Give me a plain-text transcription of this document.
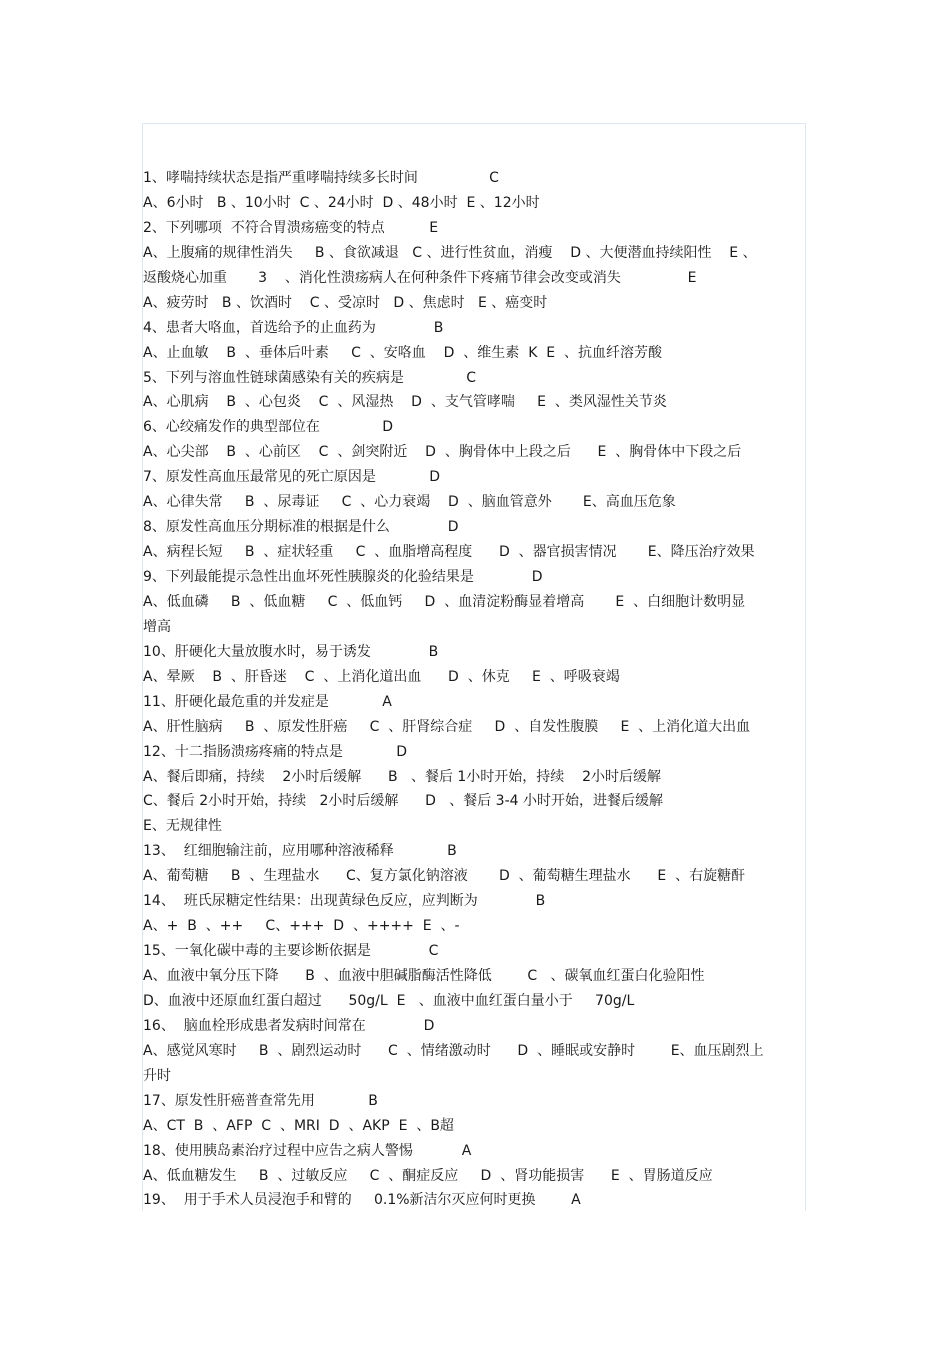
1、哮喘持续状态是指严重哮喘持续多长时间                C
A、6小时   B 、10小时  C 、24小时  D 、48小时  E 、12小时
2、下列哪项  不符合胃溃疡癌变的特点          E
A、上腹痛的规律性消失     B 、食欲减退   C 、进行性贫血，消瘦    D 、大便潜血持续阳性    E 、
返酸烧心加重       3    、消化性溃疡病人在何种条件下疼痛节律会改变或消失               E
A、疲劳时   B 、饮酒时    C 、受凉时   D 、焦虑时   E 、癌变时
4、患者大咯血，首选给予的止血药为             B
A、止血敏    B  、垂体后叶素     C  、安咯血    D  、维生素  K  E  、抗血纤溶芳酸
5、下列与溶血性链球菌感染有关的疾病是              C
A、心肌病    B  、心包炎    C  、风湿热    D  、支气管哮喘     E  、类风湿性关节炎
6、心绞痛发作的典型部位在              D
A、心尖部    B  、心前区    C  、剑突附近    D  、胸骨体中上段之后      E  、胸骨体中下段之后
7、原发性高血压最常见的死亡原因是            D
A、心律失常     B  、尿毒证     C  、心力衰竭    D  、脑血管意外       E、高血压危象
8、原发性高血压分期标准的根据是什么             D
A、病程长短     B  、症状轻重     C  、血脂增高程度      D  、器官损害情况       E、降压治疗效果
9、下列最能提示急性出血坏死性胰腺炎的化验结果是             D
A、低血磷     B  、低血糖     C  、低血钙     D  、血清淀粉酶显着增高       E  、白细胞计数明显
增高
10、肝硬化大量放腹水时，易于诱发             B
A、晕厥    B  、肝昏迷    C  、上消化道出血      D  、休克     E  、呼吸衰竭
11、肝硬化最危重的并发症是            A
A、肝性脑病     B  、原发性肝癌     C  、肝肾综合症     D  、自发性腹膜     E  、上消化道大出血
12、十二指肠溃疡疼痛的特点是            D
A、餐后即痛，持续    2小时后缓解      B   、餐后 1小时开始，持续    2小时后缓解
C、餐后 2小时开始，持续   2小时后缓解      D   、餐后 3-4 小时开始，进餐后缓解
E、无规律性
13、  红细胞输注前，应用哪种溶液稀释            B
A、葡萄糖     B  、生理盐水      C、复方氯化钠溶液       D  、葡萄糖生理盐水      E  、右旋糖酐
14、  班氏尿糖定性结果：出现黄绿色反应，应判断为             B
A、+  B  、++     C、+++  D  、++++  E  、-
15、一氧化碳中毒的主要诊断依据是             C
A、血液中氧分压下降      B  、血液中胆碱脂酶活性降低        C   、碳氧血红蛋白化验阳性
D、血液中还原血红蛋白超过      50g/L  E   、血液中血红蛋白量小于     70g/L
16、  脑血栓形成患者发病时间常在             D
A、感觉风寒时     B  、剧烈运动时      C  、情绪激动时      D  、睡眠或安静时        E、血压剧烈上
升时
17、原发性肝癌普查常先用            B
A、CT  B  、AFP  C  、MRI  D  、AKP  E  、B超
18、使用胰岛素治疗过程中应告之病人警惕           A
A、低血糖发生     B  、过敏反应     C  、酮症反应     D  、肾功能损害      E  、胃肠道反应
19、  用于手术人员浸泡手和臂的     0.1%新洁尔灭应何时更换        A
